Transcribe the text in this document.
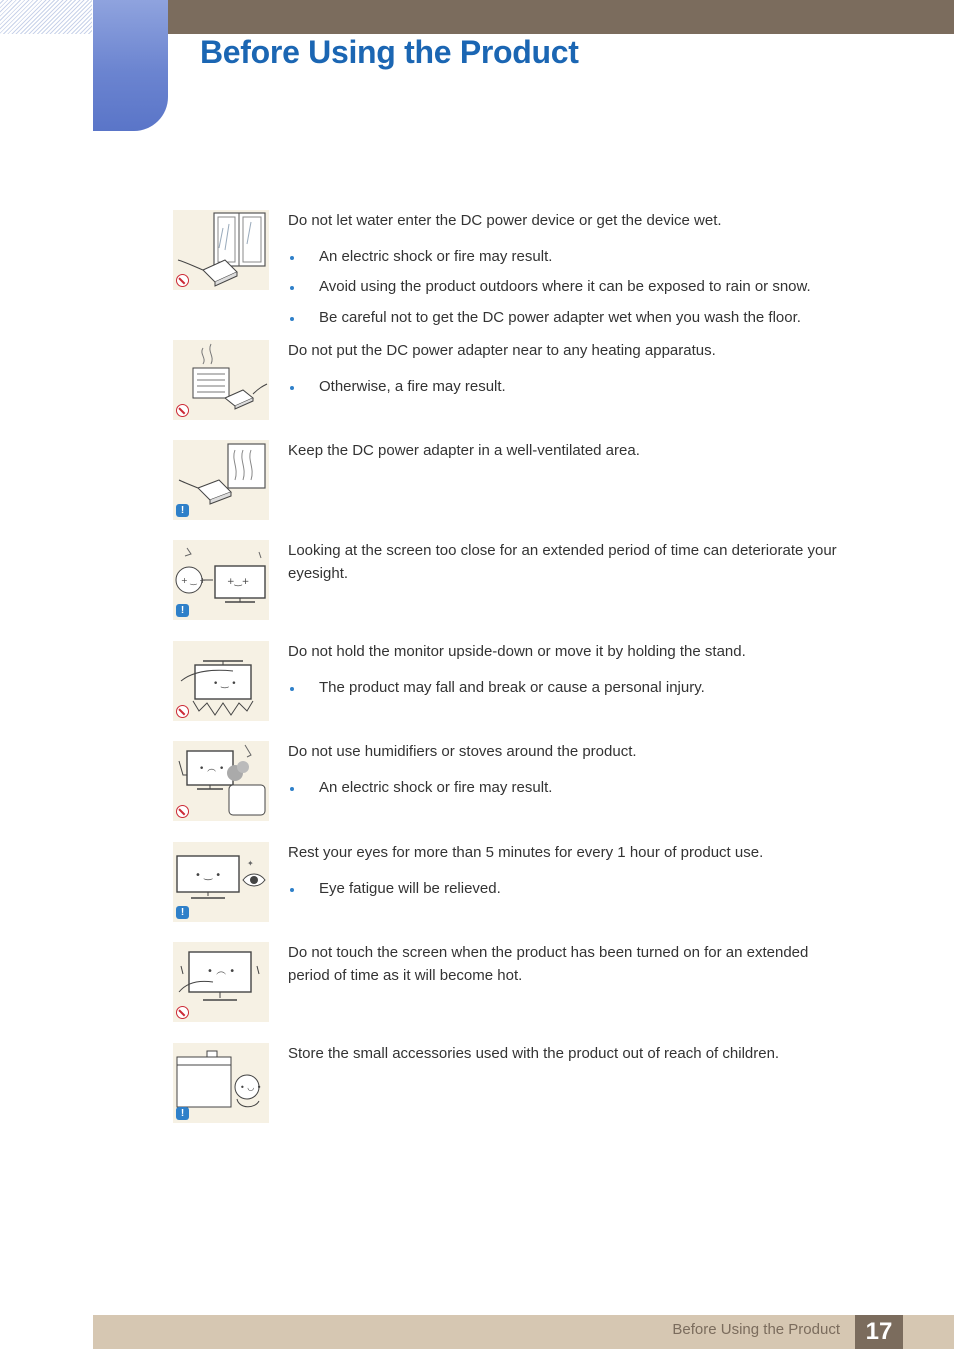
Before Using the Product

Do not let water enter the DC power device or get the device wet.

An electric shock or fire may result.
Avoid using the product outdoors where it can be exposed to rain or snow.
Be careful not to get the DC power adapter wet when you wash the floor.

Do not put the DC power adapter near to any heating apparatus.

Otherwise, a fire may result.
!

Keep the DC power adapter in a well-ventilated area.

+ ‿ + +‿+
!

Looking at the screen too close for an extended period of time can deteriorate your eyesight.

• ‿ •

Do not hold the monitor upside-down or move it by holding the stand.

The product may fall and break or cause a personal injury.
• ︵ •

Do not use humidifiers or stoves around the product.

An electric shock or fire may result.
• ‿ •
✦
!

Rest your eyes for more than 5 minutes for every 1 hour of product use.

Eye fatigue will be relieved.
• ︵ •

Do not touch the screen when the product has been turned on for an extended period of time as it will become hot.

• ◡ •
!

Store the small accessories used with the product out of reach of children.

Before Using the Product	17
